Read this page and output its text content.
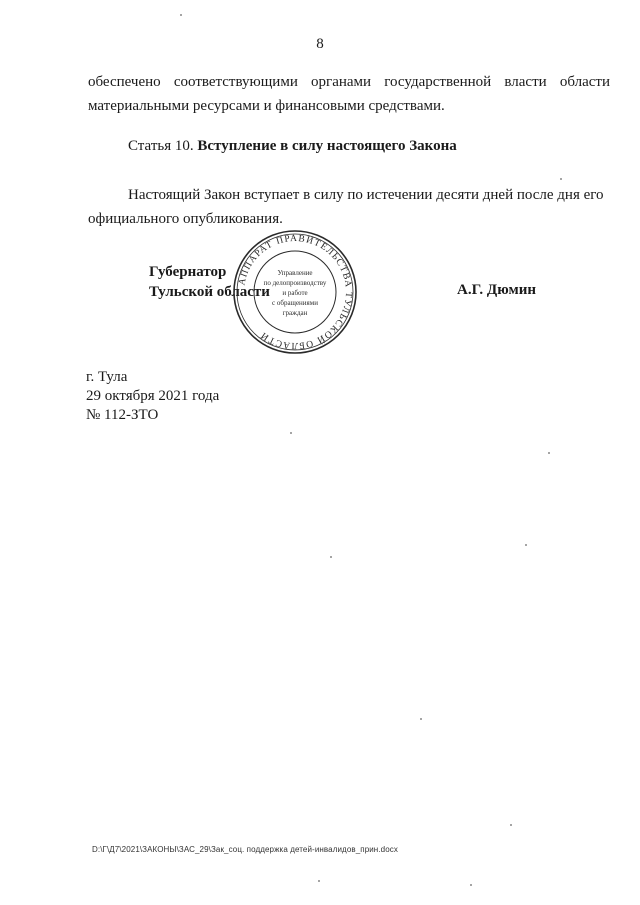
8
обеспечено соответствующими органами государственной власти области
материальными ресурсами и финансовыми средствами.
Статья 10. Вступление в силу настоящего Закона
Настоящий Закон вступает в силу по истечении десяти дней после дня его
официального опубликования.
Губернатор
Тульской области
АППАРАТ ПРАВИТЕЛЬСТВА ТУЛЬСКОЙ ОБЛАСТИ
Управление
по делопроизводству
и работе
с обращениями
граждан
А.Г. Дюмин
г. Тула
29 октября 2021 года
№ 112-ЗТО
D:\Г\Д7\2021\ЗАКОНЫ\ЗАС_29\Зак_соц. поддержка детей-инвалидов_прин.docx
